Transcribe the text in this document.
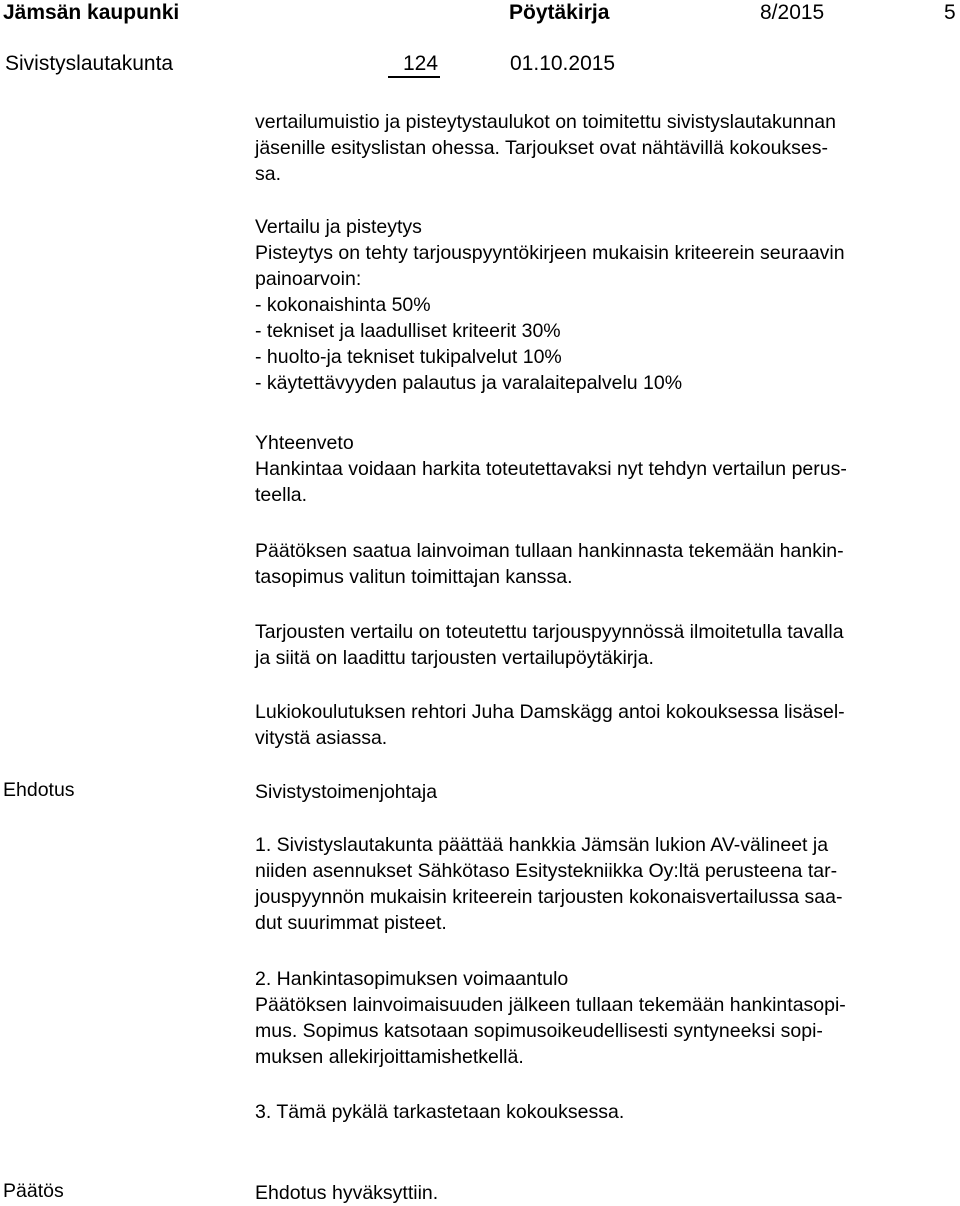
Jämsän kaupunki	Pöytäkirja	8/2015	5
Sivistyslautakunta	124	01.10.2015

vertailumuistio ja pisteytystaulukot on toimitettu sivistyslautakunnan

jäsenille esityslistan ohessa. Tarjoukset ovat nähtävillä kokoukses-

sa.

Vertailu ja pisteytys

Pisteytys on tehty tarjouspyyntökirjeen mukaisin kriteerein seuraavin

painoarvoin:

- kokonaishinta 50%

- tekniset ja laadulliset kriteerit 30%

- huolto-ja tekniset tukipalvelut 10%

- käytettävyyden palautus ja varalaitepalvelu 10%

Yhteenveto

Hankintaa voidaan harkita toteutettavaksi nyt tehdyn vertailun perus-

teella.

Päätöksen saatua lainvoiman tullaan hankinnasta tekemään hankin-

tasopimus valitun toimittajan kanssa.

Tarjousten vertailu on toteutettu tarjouspyynnössä ilmoitetulla tavalla

ja siitä on laadittu tarjousten vertailupöytäkirja.

Lukiokoulutuksen rehtori Juha Damskägg antoi kokouksessa lisäsel-

vitystä asiassa.

Ehdotus	Sivistystoimenjohtaja

1. Sivistyslautakunta päättää hankkia Jämsän lukion AV-välineet ja

niiden asennukset Sähkötaso Esitystekniikka Oy:ltä perusteena tar-

jouspyynnön mukaisin kriteerein tarjousten kokonaisvertailussa saa-

dut suurimmat pisteet.

2. Hankintasopimuksen voimaantulo

Päätöksen lainvoimaisuuden jälkeen tullaan tekemään hankintasopi-

mus. Sopimus katsotaan sopimusoikeudellisesti syntyneeksi sopi-

muksen allekirjoittamishetkellä.

3. Tämä pykälä tarkastetaan kokouksessa.

Päätös	Ehdotus hyväksyttiin.
